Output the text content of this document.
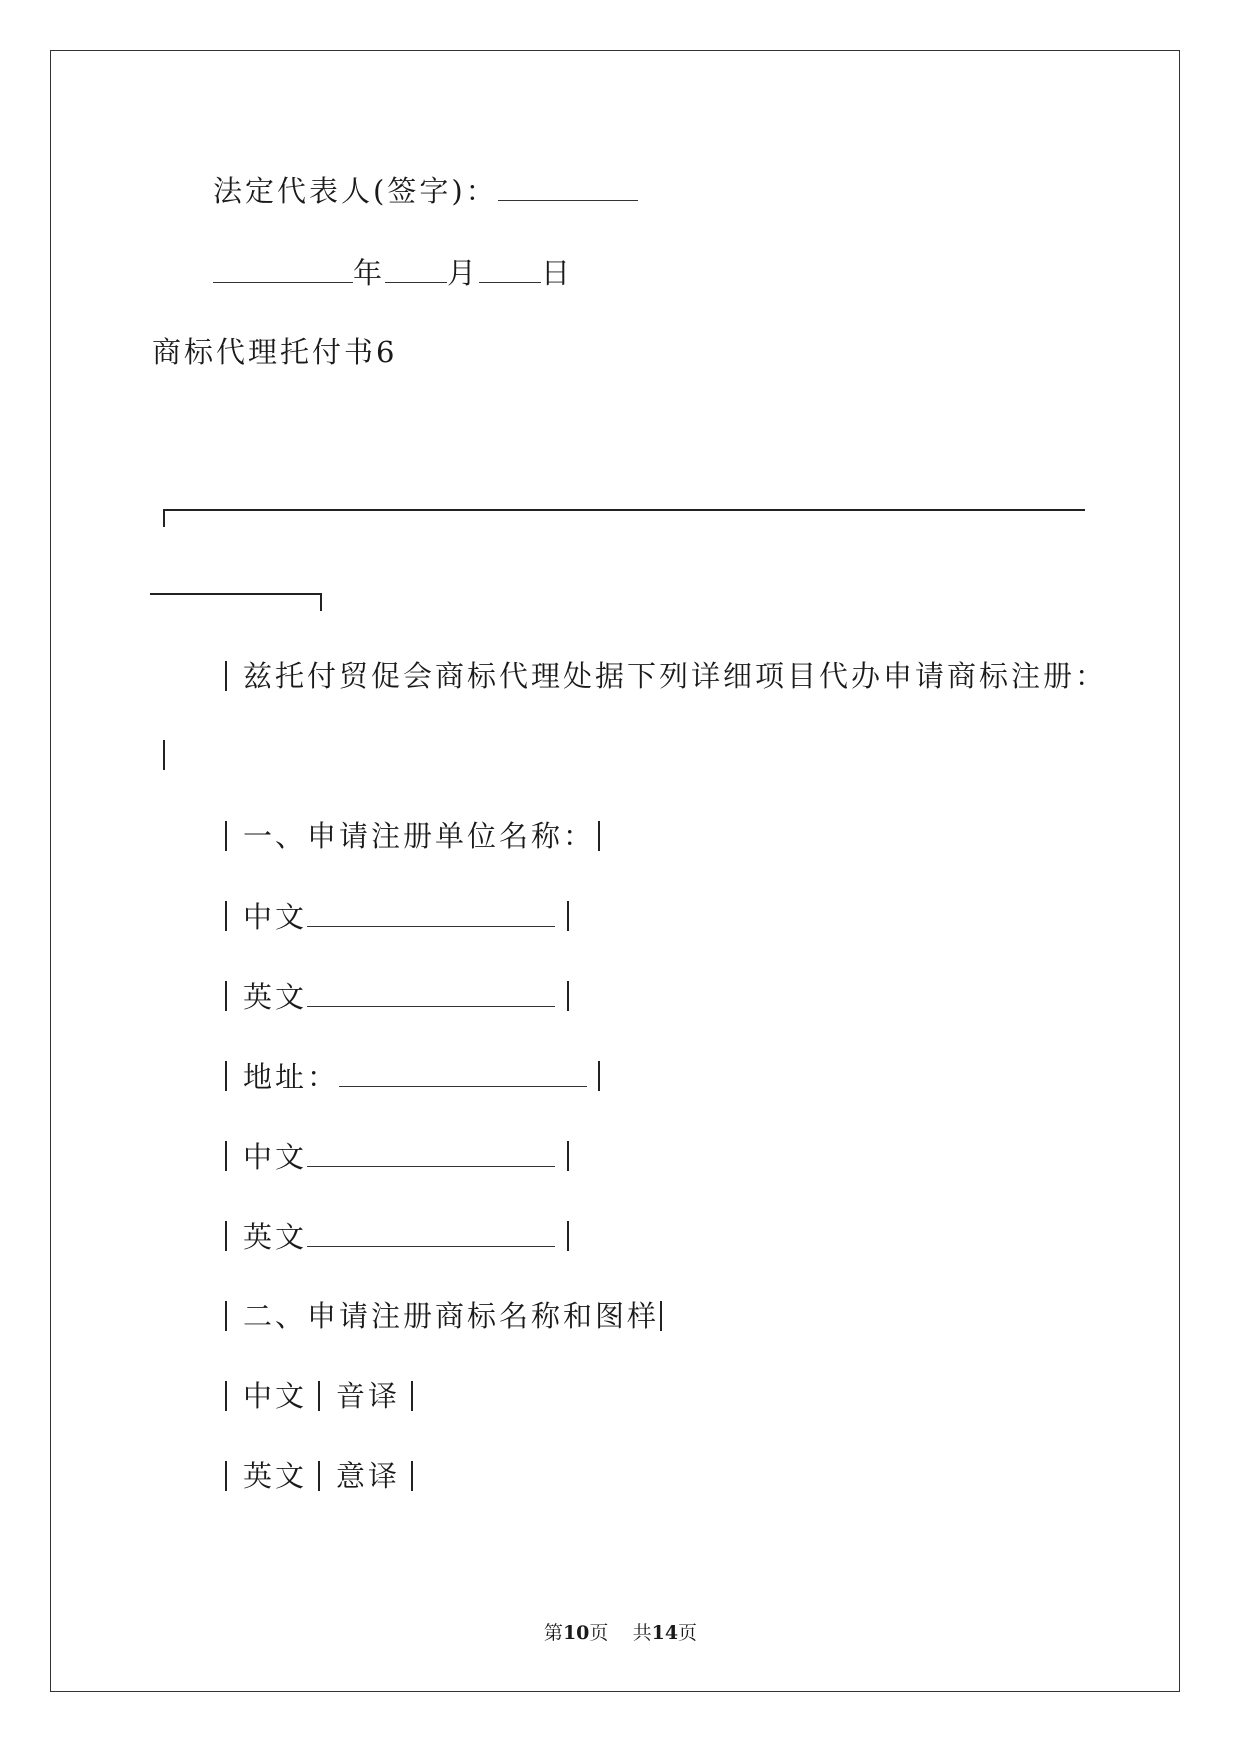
法定代表人(签字)：
年 月 日
商标代理托付书6
兹托付贸促会商标代理处据下列详细项目代办申请商标注册：
一、申请注册单位名称：
中文
英文
地址：
中文
英文
二、申请注册商标名称和图样
中文 音译
英文 意译
第10页 共14页
